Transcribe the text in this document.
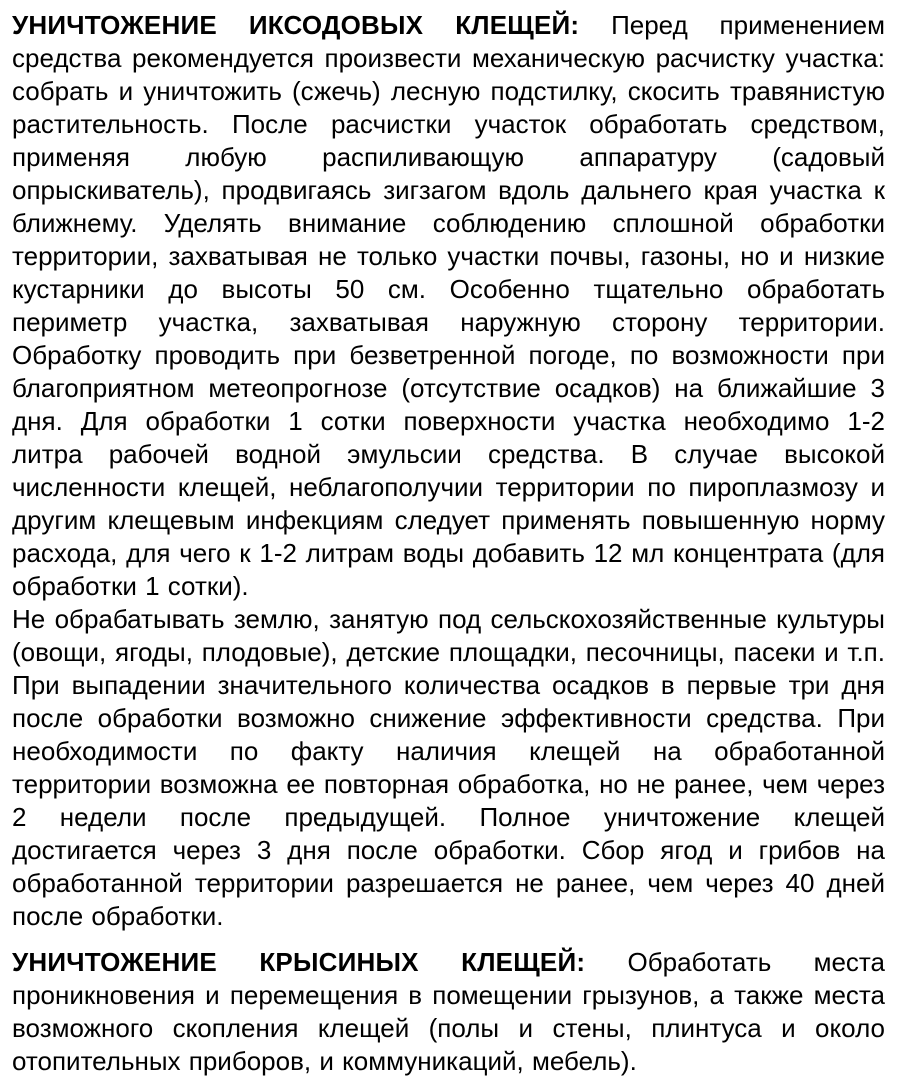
УНИЧТОЖЕНИЕ ИКСОДОВЫХ КЛЕЩЕЙ: Перед применением средства рекомендуется произвести механическую расчистку участка: собрать и уничтожить (сжечь) лесную подстилку, скосить травянистую растительность. После расчистки участок обработать средством, применяя любую распиливающую аппаратуру (садовый опрыскиватель), продвигаясь зигзагом вдоль дальнего края участка к ближнему. Уделять внимание соблюдению сплошной обработки территории, захватывая не только участки почвы, газоны, но и низкие кустарники до высоты 50 см. Особенно тщательно обработать периметр участка, захватывая наружную сторону территории. Обработку проводить при безветренной погоде, по возможности при благоприятном метеопрогнозе (отсутствие осадков) на ближайшие 3 дня. Для обработки 1 сотки поверхности участка необходимо 1-2 литра рабочей водной эмульсии средства. В случае высокой численности клещей, неблагополучии территории по пироплазмозу и другим клещевым инфекциям следует применять повышенную норму расхода, для чего к 1-2 литрам воды добавить 12 мл концентрата (для обработки 1 сотки).

Не обрабатывать землю, занятую под сельскохозяйственные культуры (овощи, ягоды, плодовые), детские площадки, песочницы, пасеки и т.п. При выпадении значительного количества осадков в первые три дня после обработки возможно снижение эффективности средства. При необходимости по факту наличия клещей на обработанной территории возможна ее повторная обработка, но не ранее, чем через 2 недели после предыдущей. Полное уничтожение клещей достигается через 3 дня после обработки. Сбор ягод и грибов на обработанной территории разрешается не ранее, чем через 40 дней после обработки.

УНИЧТОЖЕНИЕ КРЫСИНЫХ КЛЕЩЕЙ: Обработать места проникновения и перемещения в помещении грызунов, а также места возможного скопления клещей (полы и стены, плинтуса и около отопительных приборов, и коммуникаций, мебель).
